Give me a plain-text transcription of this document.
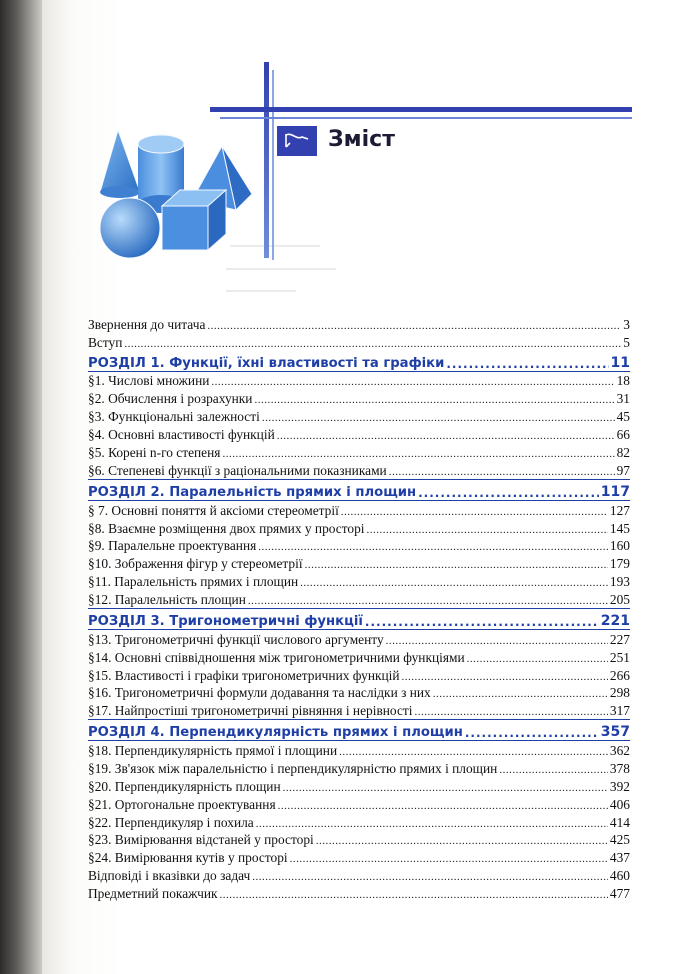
Зміст
Звернення до читача .....	3
Вступ .....	5
РОЗДІЛ 1. Функції, їхні властивості та графіки .....	11
§1. Числові множини .....	18
§2. Обчислення і розрахунки .....	31
§3. Функціональні залежності .....	45
§4. Основні властивості функцій .....	66
§5. Корені n-го степеня .....	82
§6. Степеневі функції з раціональними показниками .....	97
РОЗДІЛ 2. Паралельність прямих і площин .....	117
§ 7. Основні поняття й аксіоми стереометрії .....	127
§8. Взаємне розміщення двох прямих у просторі .....	145
§9. Паралельне проектування .....	160
§10. Зображення фігур у стереометрії .....	179
§11. Паралельність прямих і площин .....	193
§12. Паралельність площин .....	205
РОЗДІЛ 3. Тригонометричні функції .....	221
§13. Тригонометричні функції числового аргументу .....	227
§14. Основні співвідношення між тригонометричними функціями .....	251
§15. Властивості і графіки тригонометричних функцій .....	266
§16. Тригонометричні формули додавання та наслідки з них .....	298
§17. Найпростіші тригонометричні рівняння і нерівності .....	317
РОЗДІЛ 4. Перпендикулярність прямих і площин .....	357
§18. Перпендикулярність прямої і площини .....	362
§19. Зв'язок між паралельністю і перпендикулярністю прямих і площин .....	378
§20. Перпендикулярність площин .....	392
§21. Ортогональне проектування .....	406
§22. Перпендикуляр і похила .....	414
§23. Вимірювання відстаней у просторі .....	425
§24. Вимірювання кутів у просторі .....	437
Відповіді і вказівки до задач .....	460
Предметний покажчик .....	477
